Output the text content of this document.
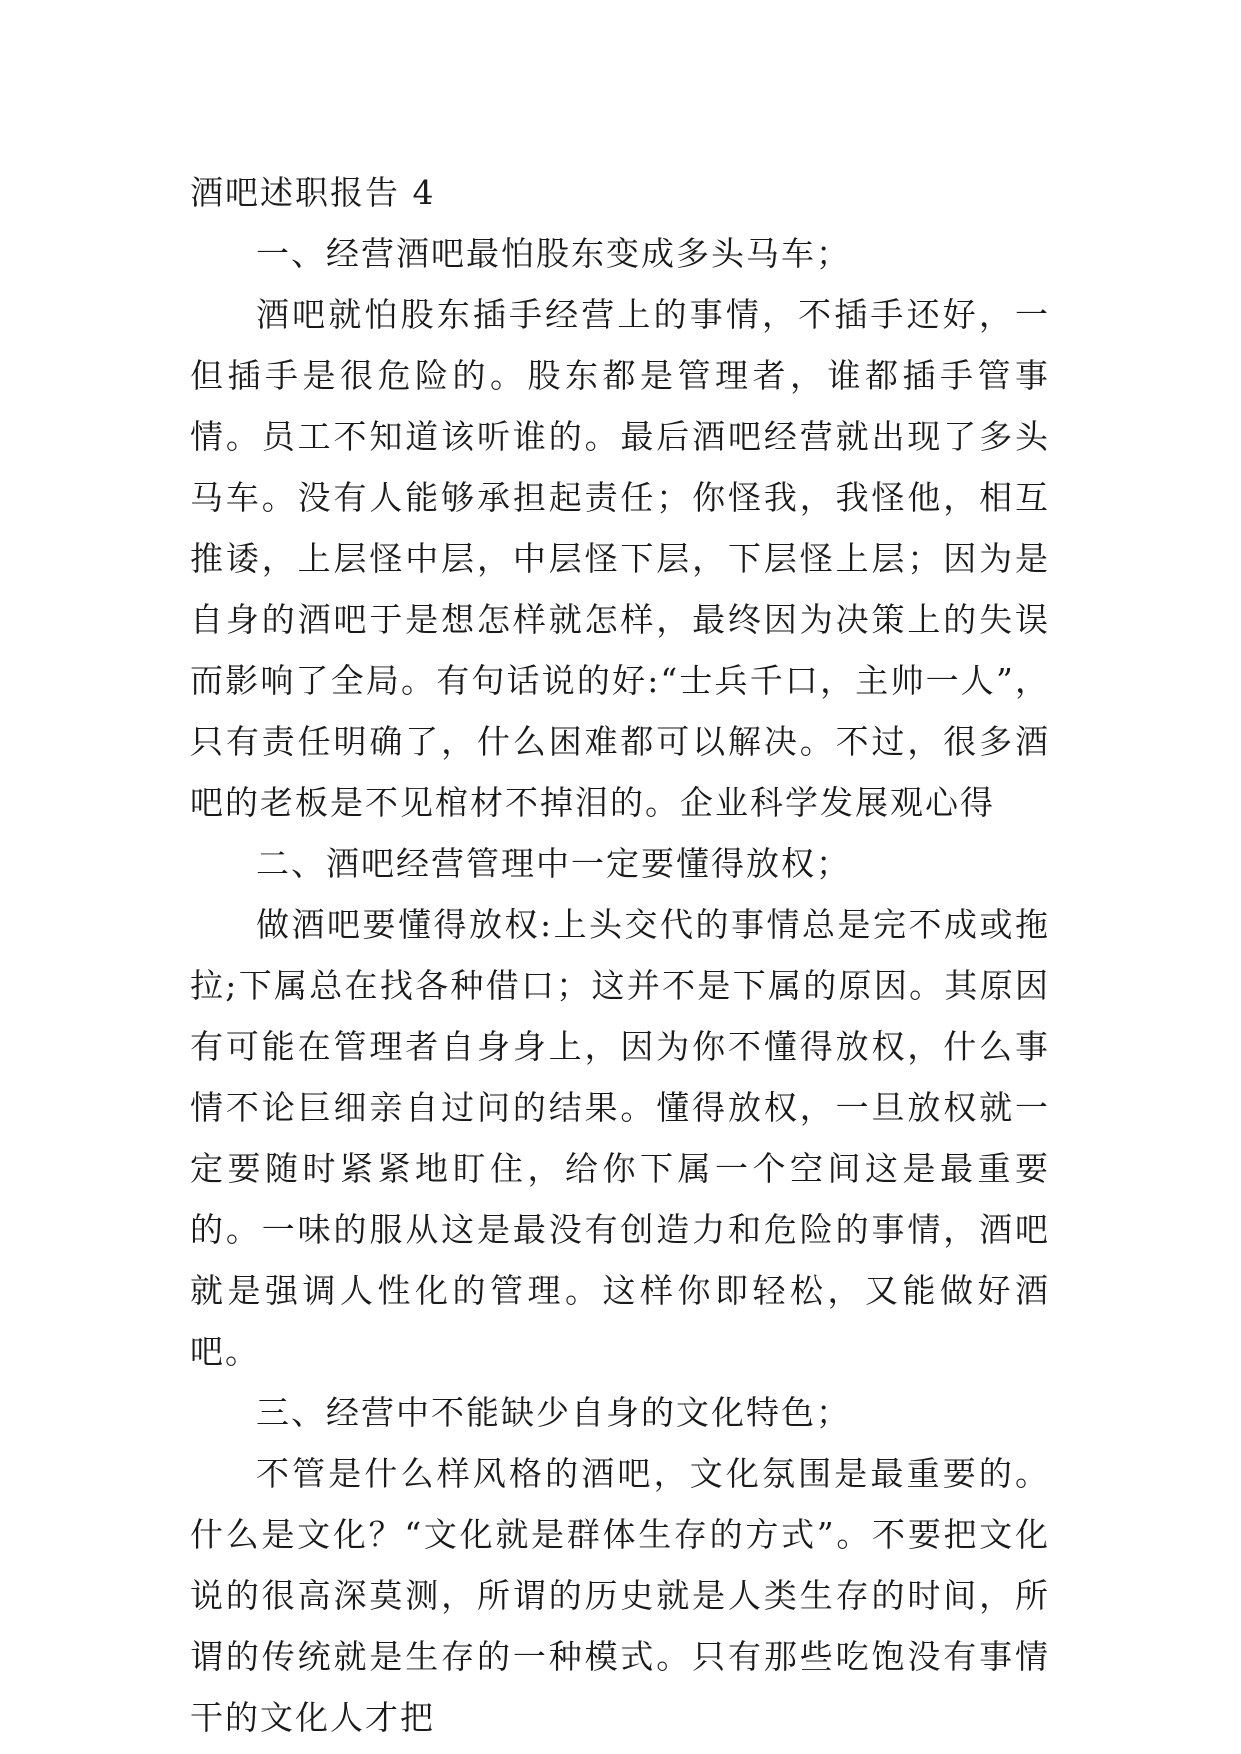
酒吧述职报告 4

一、经营酒吧最怕股东变成多头马车；

酒吧就怕股东插手经营上的事情，不插手还好，一但插手是很危险的。股东都是管理者，谁都插手管事情。员工不知道该听谁的。最后酒吧经营就出现了多头马车。没有人能够承担起责任；你怪我，我怪他，相互推诿，上层怪中层，中层怪下层，下层怪上层；因为是自身的酒吧于是想怎样就怎样，最终因为决策上的失误而影响了全局。有句话说的好:“士兵千口，主帅一人”，只有责任明确了，什么困难都可以解决。不过，很多酒吧的老板是不见棺材不掉泪的。企业科学发展观心得

二、酒吧经营管理中一定要懂得放权；

做酒吧要懂得放权:上头交代的事情总是完不成或拖拉;下属总在找各种借口；这并不是下属的原因。其原因有可能在管理者自身身上，因为你不懂得放权，什么事情不论巨细亲自过问的结果。懂得放权，一旦放权就一定要随时紧紧地盯住，给你下属一个空间这是最重要的。一味的服从这是最没有创造力和危险的事情，酒吧就是强调人性化的管理。这样你即轻松，又能做好酒吧。

三、经营中不能缺少自身的文化特色；

不管是什么样风格的酒吧，文化氛围是最重要的。什么是文化？“文化就是群体生存的方式”。不要把文化说的很高深莫测，所谓的历史就是人类生存的时间，所谓的传统就是生存的一种模式。只有那些吃饱没有事情干的文化人才把
